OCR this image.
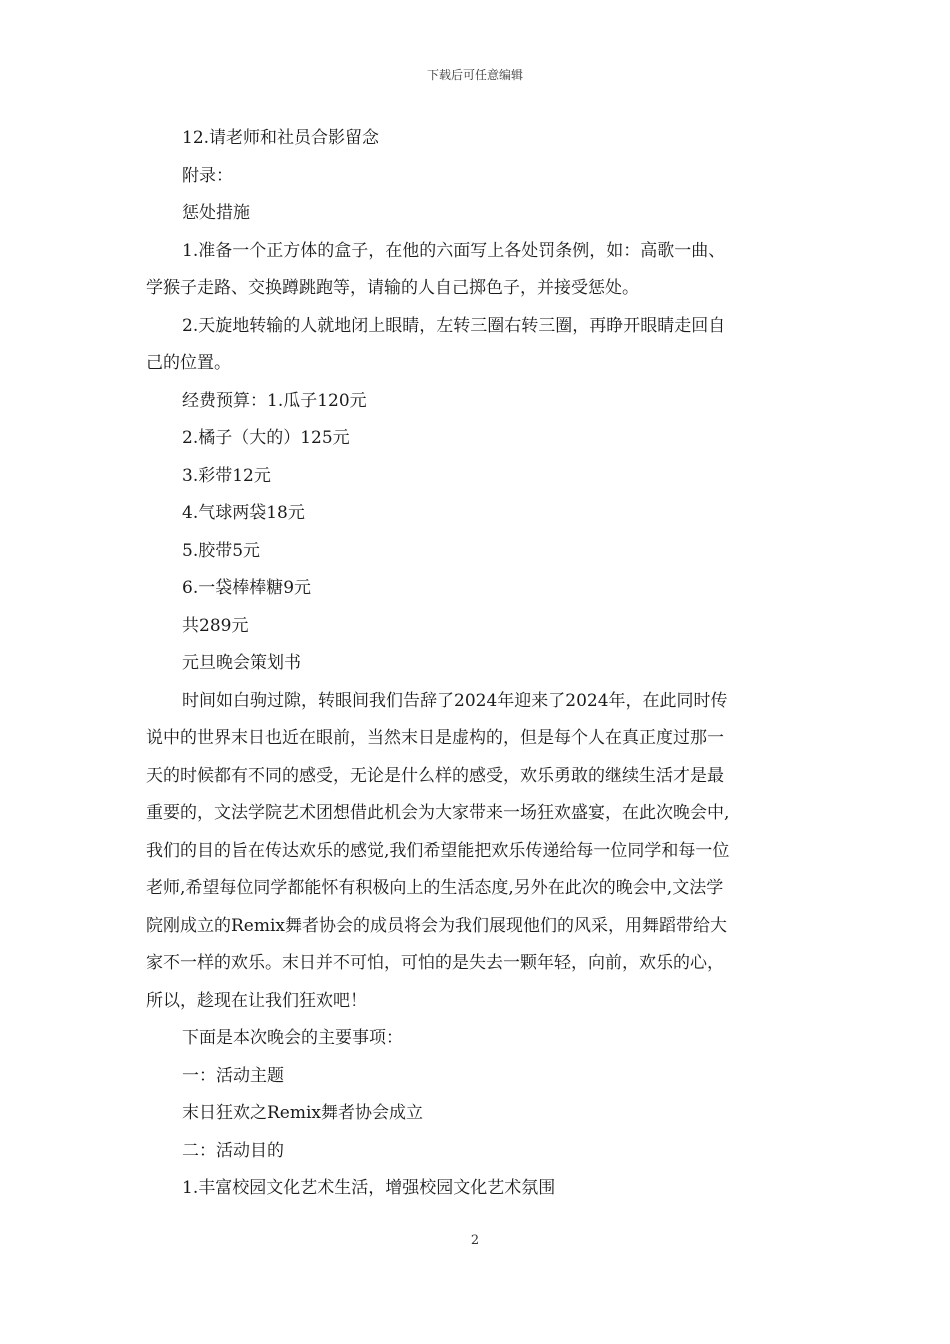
下载后可任意编辑
12.请老师和社员合影留念
附录：
惩处措施
1.准备一个正方体的盒子，在他的六面写上各处罚条例，如：高歌一曲、
学猴子走路、交换蹲跳跑等，请输的人自己掷色子，并接受惩处。
2.天旋地转输的人就地闭上眼睛，左转三圈右转三圈，再睁开眼睛走回自
己的位置。
经费预算：1.瓜子120元
2.橘子（大的）125元
3.彩带12元
4.气球两袋18元
5.胶带5元
6.一袋棒棒糖9元
共289元
元旦晚会策划书
时间如白驹过隙，转眼间我们告辞了2024年迎来了2024年，在此同时传
说中的世界末日也近在眼前，当然末日是虚构的，但是每个人在真正度过那一
天的时候都有不同的感受，无论是什么样的感受，欢乐勇敢的继续生活才是最
重要的，文法学院艺术团想借此机会为大家带来一场狂欢盛宴，在此次晚会中,
我们的目的旨在传达欢乐的感觉,我们希望能把欢乐传递给每一位同学和每一位
老师,希望每位同学都能怀有积极向上的生活态度,另外在此次的晚会中,文法学
院刚成立的Remix舞者协会的成员将会为我们展现他们的风采，用舞蹈带给大
家不一样的欢乐。末日并不可怕，可怕的是失去一颗年轻，向前，欢乐的心，
所以，趁现在让我们狂欢吧！
下面是本次晚会的主要事项：
一：活动主题
末日狂欢之Remix舞者协会成立
二：活动目的
1.丰富校园文化艺术生活，增强校园文化艺术氛围
2
